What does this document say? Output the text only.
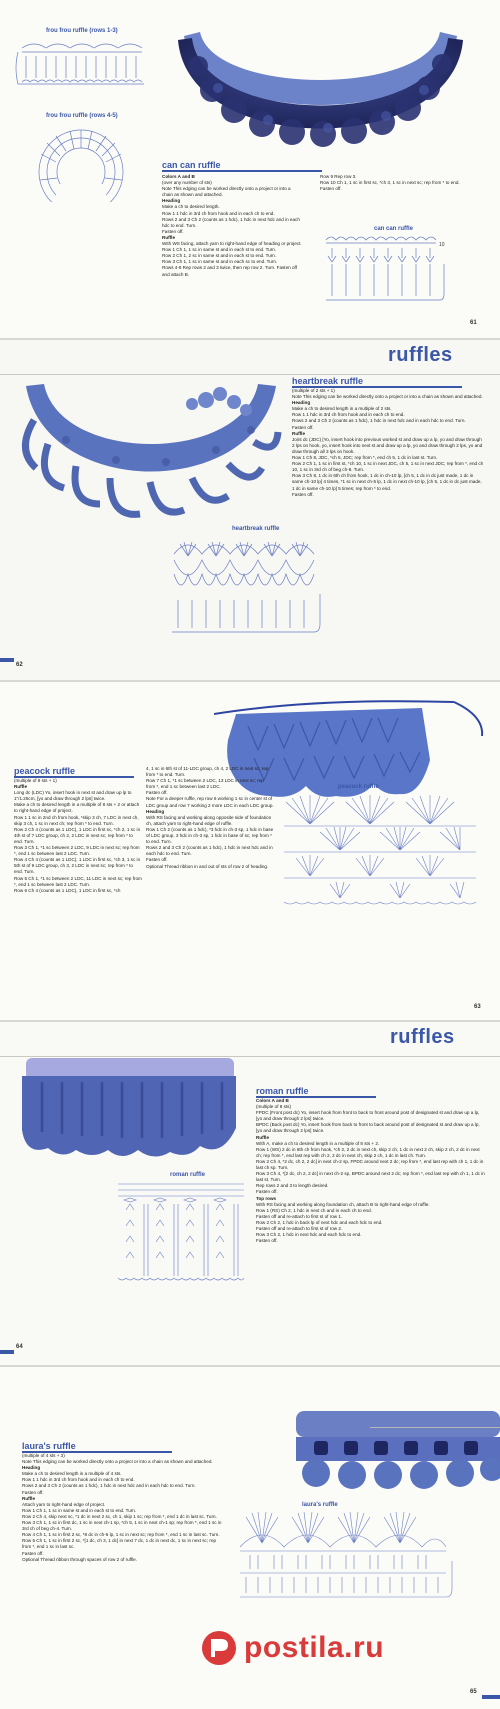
frou frou ruffle (rows 1-3)
frou frou ruffle (rows 4-5)
can can ruffle

Colors A and B

(over any number of sts)

Note This edging can be worked directly onto a project or into a chain as shown and attached.

Heading

Make a ch to desired length.

Row 1 1 hdc in 3rd ch from hook and in each ch to end.

Rows 2 and 3 Ch 2 (counts as 1 hdc), 1 hdc in next hdc and in each hdc to end. Turn.

Fasten off.

Ruffle

With WS facing, attach yarn to right-hand edge of heading or project.

Row 1 Ch 1, 1 sc in same st and in each st to end. Turn.

Row 2 Ch 1, 2 sc in same st and in each st to end. Turn.

Row 3 Ch 1, 1 sc in same st and in each sc to end. Turn.

Rows 4-8 Rep rows 2 and 3 twice, then rep row 2. Turn. Fasten off and attach B.

Row 9 Rep row 3.

Row 10 Ch 1, 1 sc in first sc, *ch 3, 1 sc in next sc; rep from * to end.

Fasten off.

can can ruffle
10
61
ruffles
heartbreak ruffle

(multiple of 2 sts + 1)

Note This edging can be worked directly onto a project or into a chain as shown and attached.

Heading

Make a ch to desired length in a multiple of 2 sts.

Row 1 1 hdc in 3rd ch from hook and in each ch to end.

Rows 2 and 3 Ch 2 (counts as 1 hdc), 1 hdc in next hdc and in each hdc to end. Turn.

Fasten off.

Ruffle

Joint dc (JDC) [Yo, insert hook into previous worked st and draw up a lp, yo and draw through 2 lps on hook, yo, insert hook into next st and draw up a lp, yo and draw through 2 lps, yo and draw through all 3 lps on hook.

Row 1 Ch 8, JDC, *ch 5, JDC; rep from *, end ch 5, 1 dc in last st. Turn.

Row 2 Ch 1, 1 sc in first st, *ch 10, 1 sc in next JDC, ch 5, 1 sc in next JDC; rep from *, end ch 10, 1 sc in 3rd ch of beg ch-8. Turn.

Row 3 Ch 8, 1 dc in 6th ch from hook, 1 dc in ch-10 lp, [ch 5, 1 dc in dc just made, 1 dc in same ch-10 lp] 4 times, *1 sc in next ch-5 lp, 1 dc in next ch-10 lp, [ch 5, 1 dc in dc just made, 1 dc in same ch-10 lp] 5 times; rep from * to end.

Fasten off.

heartbreak ruffle
62
peacock ruffle

(multiple of 8 sts + 1)

Ruffle

Long dc (LDC) Yo, insert hook in next st and draw up lp to 1"/1.25cm, [yo and draw through 2 lps] twice.

Make a ch to desired length in a multiple of 8 sts + 2 or attach to right-hand edge of project.

Row 1 1 sc in 2nd ch from hook, *skip 3 ch, 7 LDC in next ch, skip 3 ch, 1 sc in next ch; rep from * to end. Turn.

Row 2 Ch 4 (counts as 1 LDC), 1 LDC in first sc, *ch 2, 1 sc in 4th st of 7 LDC group, ch 2, 2 LDC in next sc; rep from * to end. Turn.

Row 3 Ch 1, *1 sc between 2 LDC, 9 LDC in next sc; rep from *, end 1 sc between last 2 LDC. Turn.

Row 4 Ch 4 (counts as 1 LDC), 1 LDC in first sc, *ch 3, 1 sc in 5th st of 9 LDC group, ch 3, 2 LDC in next sc; rep from * to end. Turn.

Row 5 Ch 1, *1 sc between 2 LDC, 11 LDC in next sc; rep from *, end 1 sc between last 2 LDC. Turn.

Row 6 Ch 4 (counts as 1 LDC), 1 LDC in first sc, *ch

4, 1 sc in 6th st of 11-LDC group, ch 4, 2 LDC in next sc; rep from * to end. Turn.

Row 7 Ch 1, *1 sc between 2 LDC, 13 LDC in next sc; rep from *, end 1 sc between last 2 LDC.

Fasten off.

Note For a deeper ruffle, rep row 6 working 1 sc in center st of LDC group and row 7 working 2 more LDC in each LDC group.

Heading

With RS facing and working along opposite side of foundation ch, attach yarn to right-hand edge of ruffle.

Row 1 Ch 2 (counts as 1 hdc), *3 hdc in ch-3 sp, 1 hdc in base of LDC group, 3 hdc in ch-3 sp, 1 hdc in base of sc; rep from * to end. Turn.

Rows 2 and 3 Ch 2 (counts as 1 hdc), 1 hdc in next hdc and in each hdc to end. Turn.

Fasten off.

Optional Thread ribbon in and out of sts of row 2 of heading.

peacock ruffle
63
ruffles
roman ruffle

Colors A and B

(multiple of 8 sts)

FPDC (Front post dc) Yo, insert hook from front to back to front around post of designated st and draw up a lp, [yo and draw through 2 lps] twice.

BPDC (Back post dc) Yo, insert hook from back to front to back around post of designated st and draw up a lp, [yo and draw through 2 lps] twice.

Ruffle

With A, make a ch to desired length in a multiple of 8 sts + 2.

Row 1 (WS) 2 dc in 6th ch from hook, *ch 2, 2 dc in next ch, skip 2 ch, 1 dc in next 2 ch, skip 2 ch, 2 dc in next ch; rep from *, end last rep with ch 2, 2 dc in next ch, skip 2 ch, 1 dc in last ch. Turn.

Row 2 Ch 4, *2 dc, ch 2, 2 dc] in next ch-2 sp, FPDC around next 2 dc; rep from *, end last rep with ch 1, 1 dc in last ch sp. Turn.

Row 3 Ch 4, *[2 dc, ch 2, 2 dc] in next ch-2 sp, BPDC around next 2 dc; rep from *, end last rep with ch 1, 1 dc in last st. Turn.

Rep rows 2 and 3 to length desired.

Fasten off.

Top rows

With RS facing and working along foundation ch, attach B to right-hand edge of ruffle.

Row 1 (RS) Ch 2, 1 hdc in next ch and in each ch to end.

Fasten off and re-attach to first st of row 1.

Row 2 Ch 2, 1 hdc in back lp of next hdc and each hdc to end.

Fasten off and re-attach to first st of row 2.

Row 3 Ch 2, 1 hdc in next hdc and each hdc to end.

Fasten off.

roman ruffle
64
laura's ruffle

(multiple of 4 sts + 3)

Note This edging can be worked directly onto a project or into a chain as shown and attached.

Heading

Make a ch to desired length in a multiple of 4 sts.

Row 1 1 hdc in 3rd ch from hook and in each ch to end.

Rows 2 and 3 Ch 2 (counts as 1 hdc), 1 hdc in next hdc and in each hdc to end. Turn.

Fasten off.

Ruffle

Attach yarn to right-hand edge of project.

Row 1 Ch 1, 1 sc in same st and in each st to end. Turn.

Row 2 Ch 4, skip next sc, *1 dc in next 2 sc, ch 1, skip 1 sc; rep from *, end 1 dc in last sc. Turn.

Row 3 Ch 1, 1 sc in first dc, 1 sc in next ch-1 sp, *ch 5, 1 sc in next ch-1 sp; rep from *, end 1 sc in 3rd ch of beg ch-4. Turn.

Row 4 Ch 1, 1 sc in first 2 sc, *8 dc in ch-5 lp, 1 sc in next sc; rep from *, end 1 sc in last sc. Turn.

Row 5 Ch 1, 1 sc in first 2 sc, *[1 dc, ch 3, 1 dc] in next 7 dc, 1 dc in next dc, 1 sc in next sc; rep from *, end 1 sc in last sc.

Fasten off.

Optional Thread ribbon through spaces of row 2 of ruffle.

laura's ruffle
postila.ru
65
